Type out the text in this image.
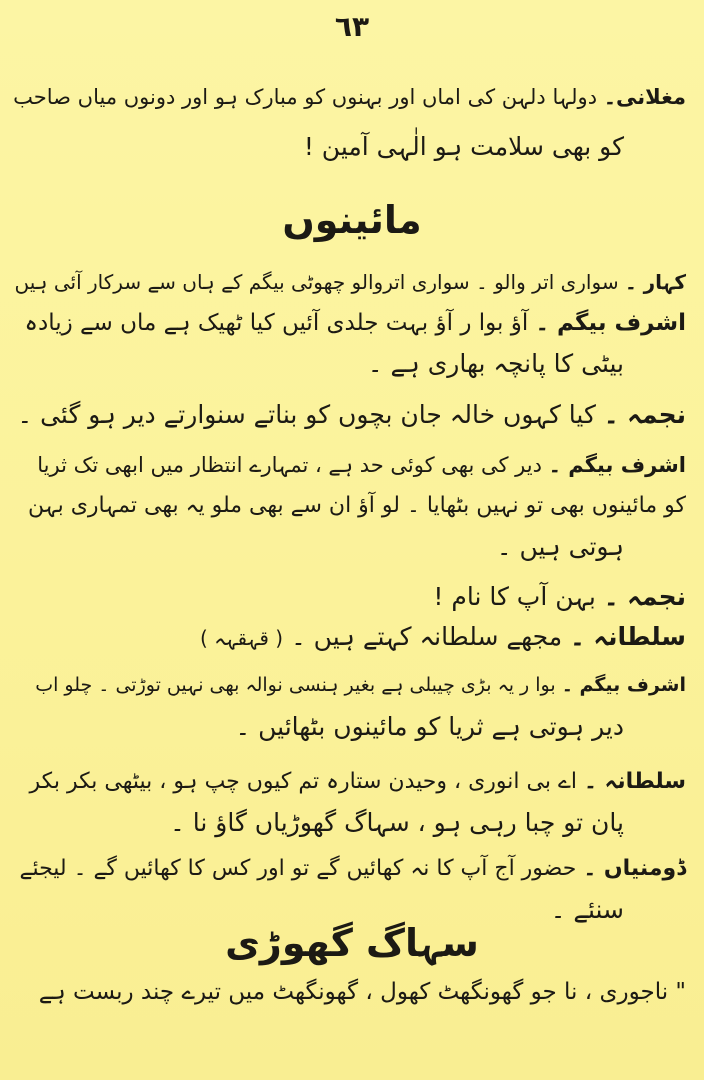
٦٣
مغلانی۔ دولہا دلہن کی اماں اور بہنوں کو مبارک ہو اور دونوں میاں صاحب
کو بھی سلامت ہو الٰہی آمین !
مائینوں
کہار ۔ سواری اتر والو ۔ سواری اتروالو چھوٹی بیگم کے ہاں سے سرکار آئی ہیں
اشرف بیگم ۔ آؤ بوا ر آؤ بہت جلدی آئیں کیا ٹھیک ہے ماں سے زیادہ
بیٹی کا پانچہ بھاری ہے ۔
نجمہ ۔ کیا کہوں خالہ جان بچوں کو بناتے سنوارتے دیر ہو گئی ۔
اشرف بیگم ۔ دیر کی بھی کوئی حد ہے ، تمہارے انتظار میں ابھی تک ثریا
کو مائینوں بھی تو نہیں بٹھایا ۔ لو آؤ ان سے بھی ملو یہ بھی تمہاری بہن
ہوتی ہیں ۔
نجمہ ۔ بہن آپ کا نام !
سلطانہ ۔ مجھے سلطانہ کہتے ہیں ۔ ( قہقہہ )
اشرف بیگم ۔ بوا ر یہ بڑی چیبلی ہے بغیر ہنسی نوالہ بھی نہیں توڑتی ۔ چلو اب
دیر ہوتی ہے ثریا کو مائینوں بٹھائیں ۔
سلطانہ ۔ اے بی انوری ، وحیدن ستارہ تم کیوں چپ ہو ، بیٹھی بکر بکر
پان تو چبا رہی ہو ، سہاگ گھوڑیاں گاؤ نا ۔
ڈومنیاں ۔ حضور آج آپ کا نہ کھائیں گے تو اور کس کا کھائیں گے ۔ لیجئے
سنئے ۔
سہاگ گھوڑی
" ناجوری ، نا جو گھونگھٹ کھول ، گھونگھٹ میں تیرے چند ربست ہے
